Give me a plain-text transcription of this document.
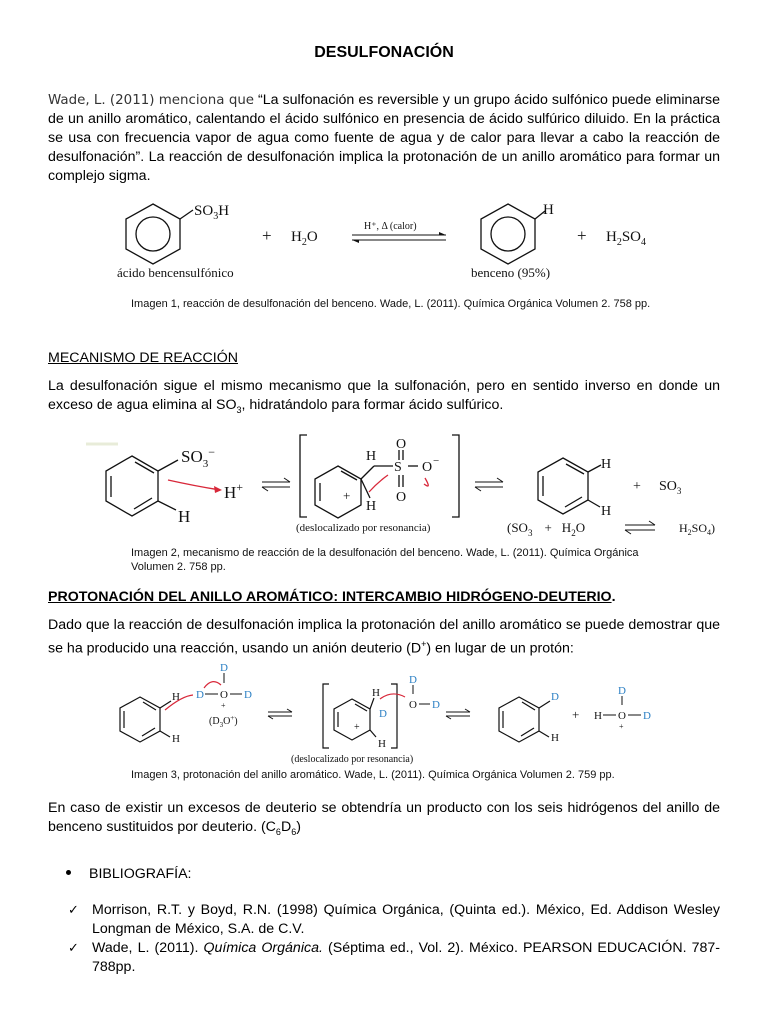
DESULFONACIÓN
Wade, L. (2011) menciona que “La sulfonación es reversible y un grupo ácido sulfónico puede eliminarse de un anillo aromático, calentando el ácido sulfónico en presencia de ácido sulfúrico diluido. En la práctica se usa con frecuencia vapor de agua como fuente de agua y de calor para llevar a cabo la reacción de desulfonación”. La reacción de desulfonación implica la protonación de un anillo aromático para formar un complejo sigma.
$SO_3H$
+ $H_2O$
H⁺, Δ (calor)
H
+ $H_2SO_4$
ácido bencensulfónico	benceno (95%)
Imagen 1, reacción de desulfonación del benceno. Wade, L. (2011). Química Orgánica Volumen 2. 758 pp.
MECANISMO DE REACCIÓN
La desulfonación sigue el mismo mecanismo que la sulfonación, pero en sentido inverso en donde un exceso de agua elimina al $SO_3$, hidratándolo para formar ácido sulfúrico.
$SO_3^-$
H
H+
H
H
S
O
O
O −
+
(deslocalizado por resonancia)
H
H
+ $SO_3$
($SO_3 + H_2O$	$H_2SO_4$)
Imagen 2, mecanismo de reacción de la desulfonación del benceno. Wade, L. (2011). Química Orgánica Volumen 2. 758 pp.
PROTONACIÓN DEL ANILLO AROMÁTICO: INTERCAMBIO HIDRÓGENO-DEUTERIO.
Dado que la reacción de desulfonación implica la protonación del anillo aromático se puede demostrar que se ha producido una reacción, usando un anión deuterio (D+) en lugar de un protón:
H
H
D O D
D
+
$(D_3O^+)$
H
D
H
+
O D
D
(deslocalizado por resonancia)
D
H
+ H O D
D
+
Imagen 3, protonación del anillo aromático. Wade, L. (2011). Química Orgánica Volumen 2. 759 pp.
En caso de existir un excesos de deuterio se obtendría un producto con los seis hidrógenos del anillo de benceno sustituidos por deuterio. $(C_6D_6)$
BIBLIOGRAFÍA:
✓ Morrison, R.T. y Boyd, R.N. (1998) Química Orgánica, (Quinta ed.). México, Ed. Addison Wesley Longman de México, S.A. de C.V.
✓ Wade, L. (2011). Química Orgánica. (Séptima ed., Vol. 2). México. PEARSON EDUCACIÓN. 787-788pp.
